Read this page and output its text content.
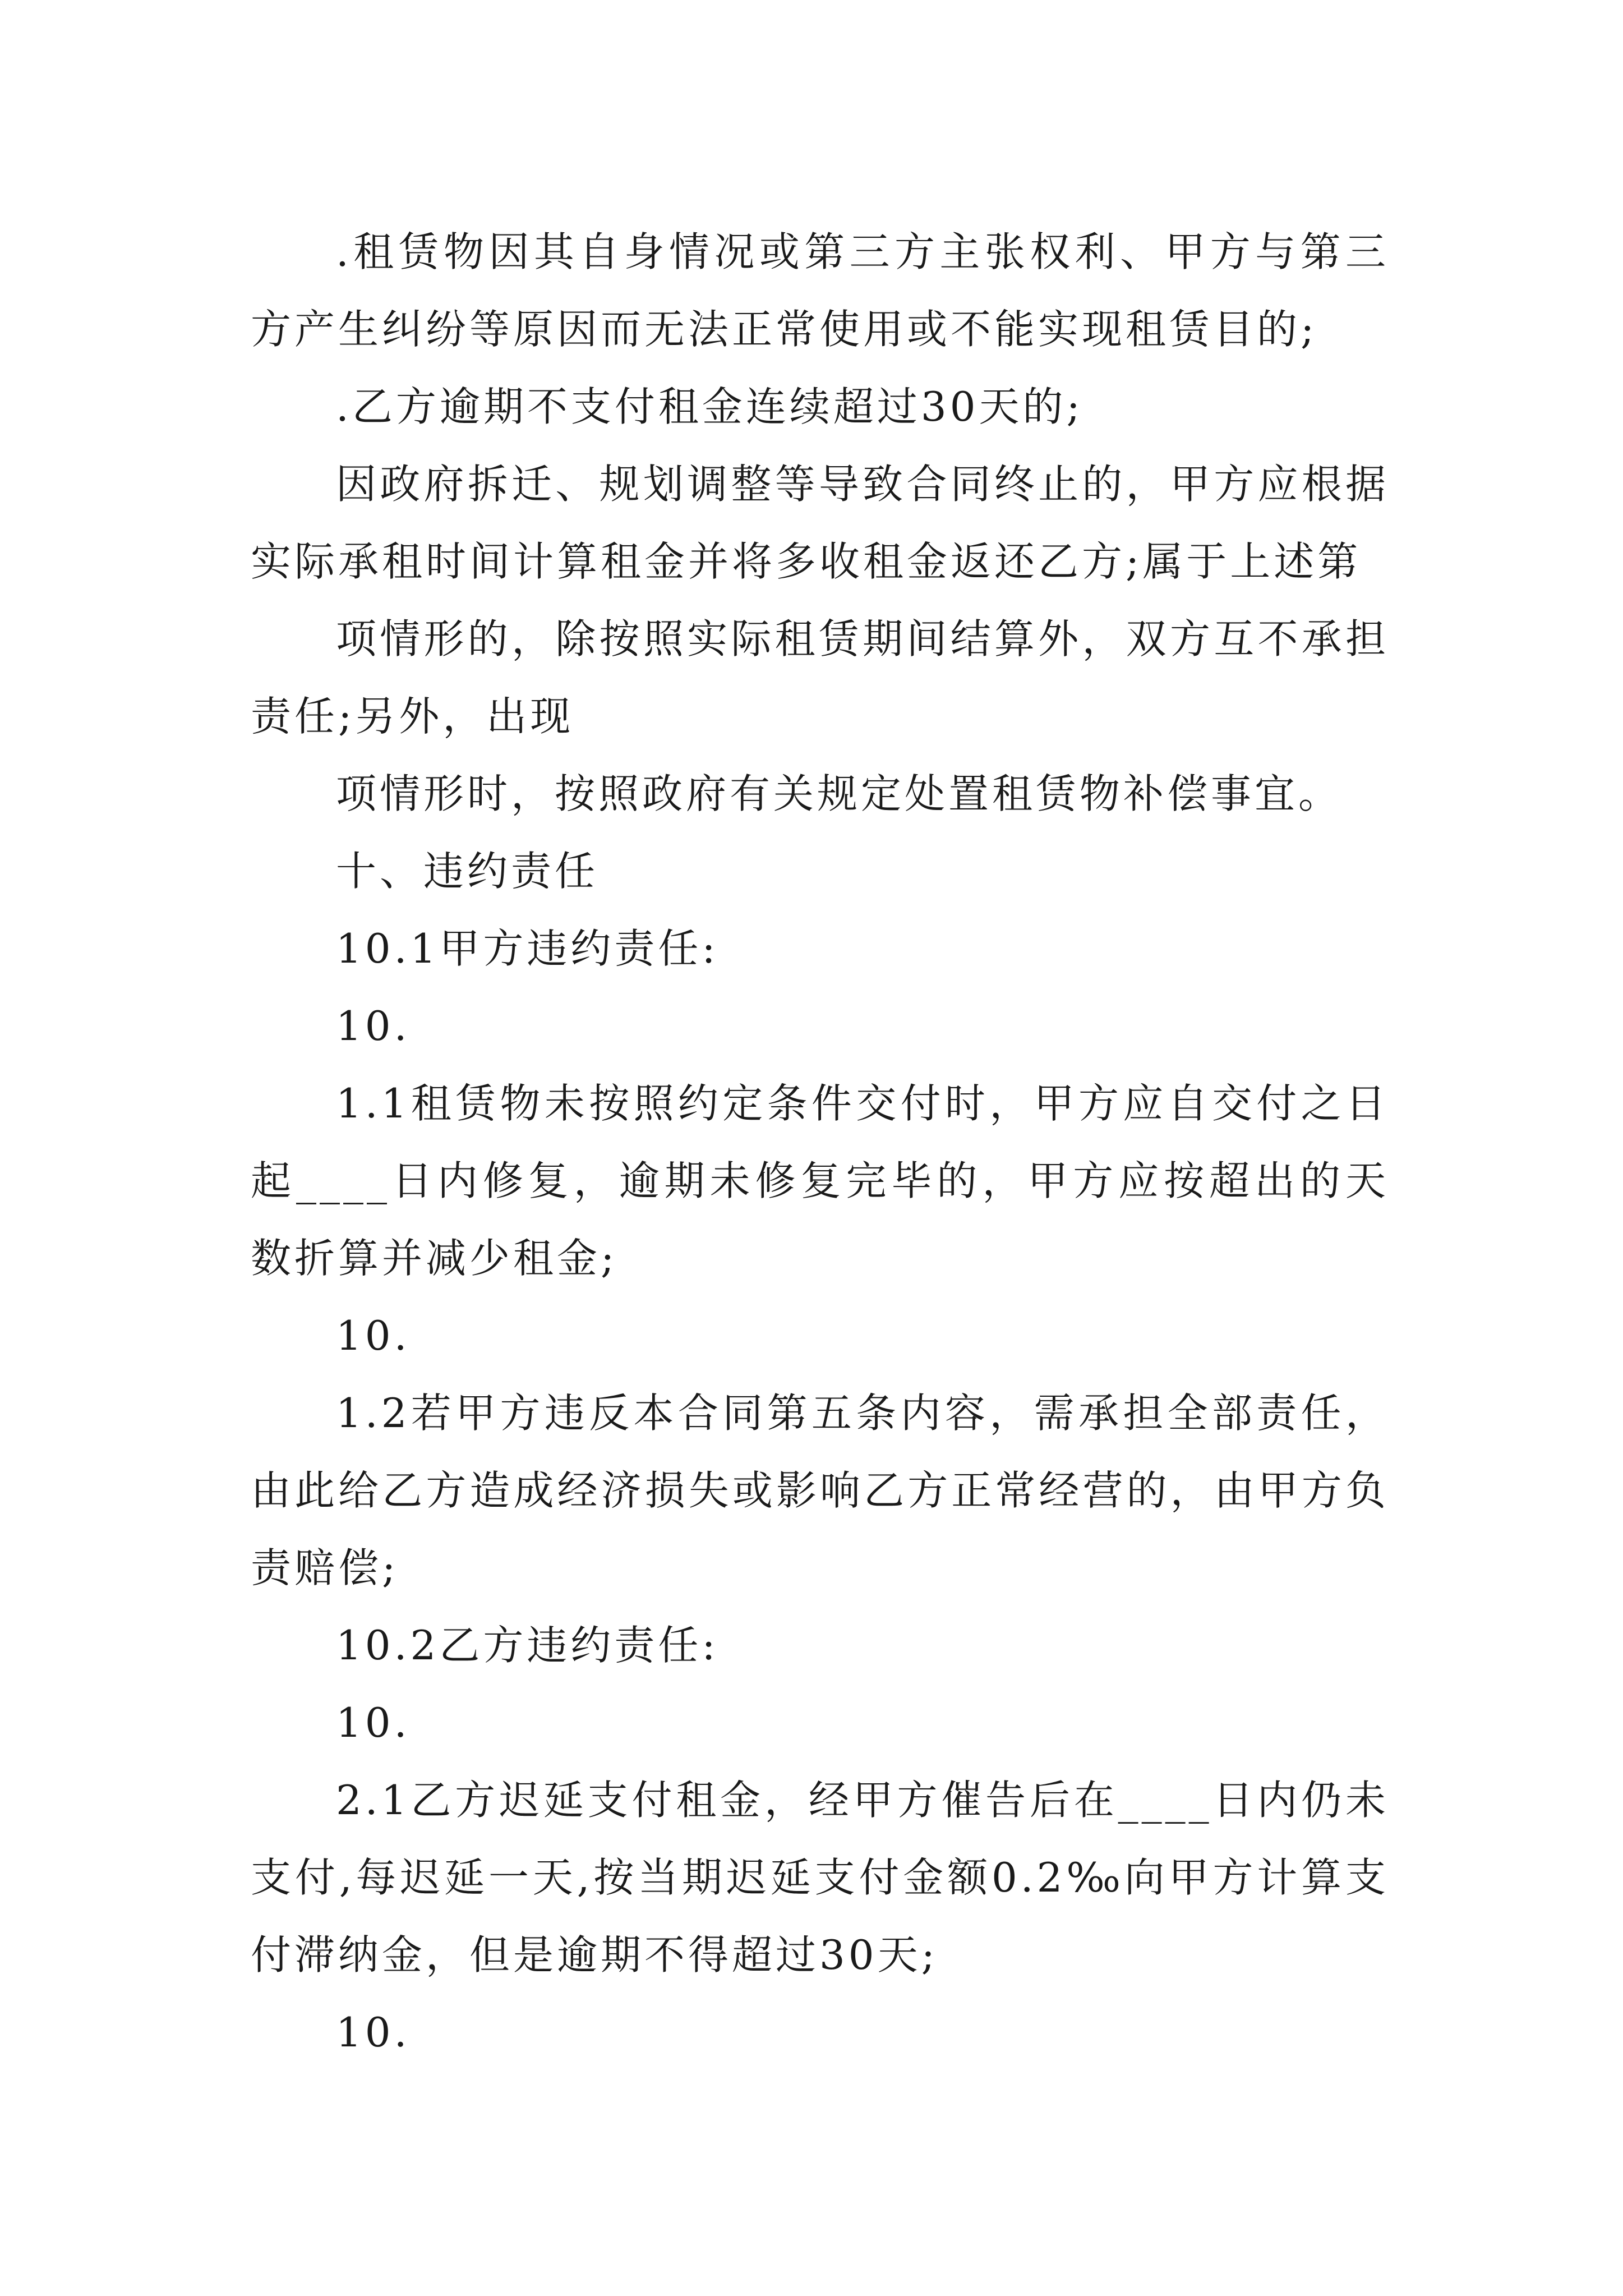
.租赁物因其自身情况或第三方主张权利、甲方与第三方产生纠纷等原因而无法正常使用或不能实现租赁目的;

.乙方逾期不支付租金连续超过30天的;

因政府拆迁、规划调整等导致合同终止的，甲方应根据实际承租时间计算租金并将多收租金返还乙方;属于上述第

项情形的，除按照实际租赁期间结算外，双方互不承担责任;另外，出现

项情形时，按照政府有关规定处置租赁物补偿事宜。

十、违约责任

10.1甲方违约责任:

10.

1.1租赁物未按照约定条件交付时，甲方应自交付之日起____日内修复，逾期未修复完毕的，甲方应按超出的天数折算并减少租金;

10.

1.2若甲方违反本合同第五条内容，需承担全部责任，由此给乙方造成经济损失或影响乙方正常经营的，由甲方负责赔偿;

10.2乙方违约责任:

10.

2.1乙方迟延支付租金，经甲方催告后在____日内仍未支付,每迟延一天,按当期迟延支付金额0.2‰向甲方计算支付滞纳金，但是逾期不得超过30天;

10.
